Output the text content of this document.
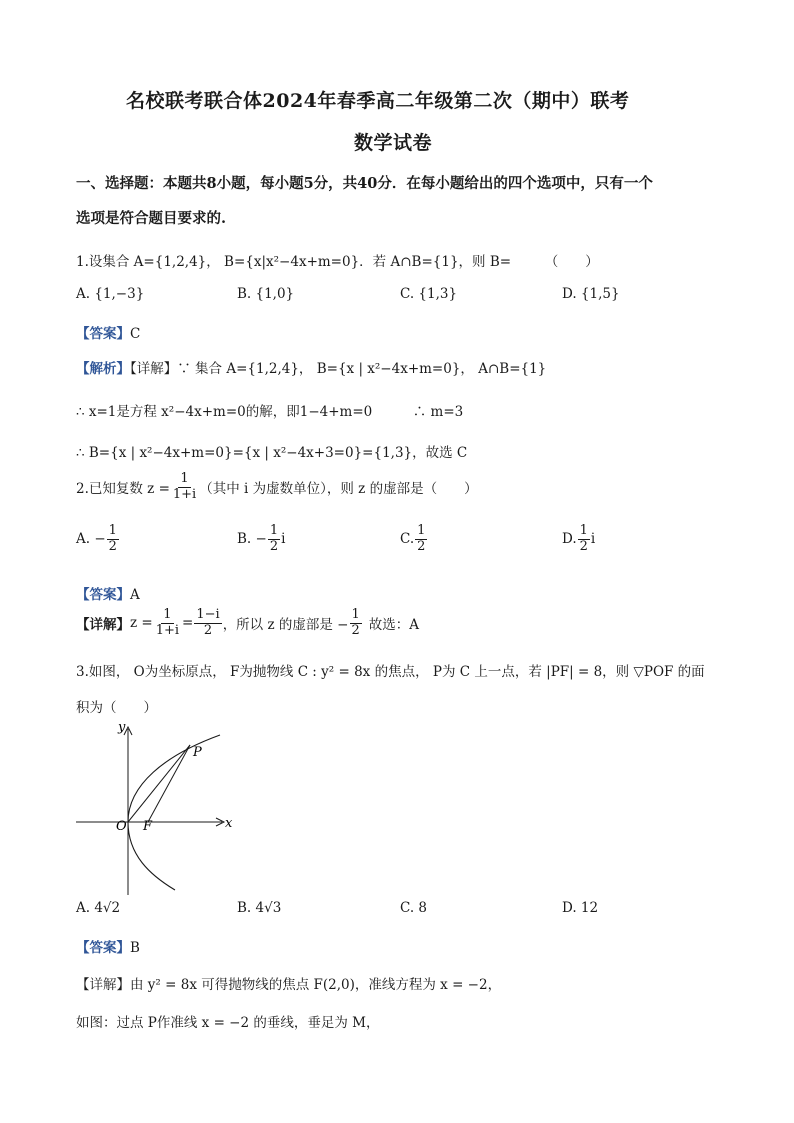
名校联考联合体2024年春季高二年级第二次（期中）联考
数学试卷
一、选择题：本题共8小题，每小题5分，共40分．在每小题给出的四个选项中，只有一个
选项是符合题目要求的.
1.设集合 A={1,2,4}， B={x|x²−4x+m=0}．若 A∩B={1}，则 B=　　　（　　）
A. {1,−3}	B. {1,0}	C. {1,3}	D. {1,5}
【答案】C
【解析】【详解】∵ 集合 A={1,2,4}， B={x | x²−4x+m=0}， A∩B={1}
∴ x=1是方程 x²−4x+m=0的解，即1−4+m=0　　　∴ m=3
∴ B={x | x²−4x+m=0}={x | x²−4x+3=0}={1,3}，故选 C
2.已知复数 $z = \frac{1}{1+i}$ （其中 i 为虚数单位），则 z 的虚部是（　　）
A. − $\frac{1}{2}$	B. − $\frac{1}{2}$ i	C. $\frac{1}{2}$	D. $\frac{1}{2}$ i
【答案】A
【详解】 $z = \frac{1}{1+i} = \frac{1-i}{2}$ ，所以 z 的虚部是 − $\frac{1}{2}$ 故选：A
3.如图， O为坐标原点， F为抛物线 C : y² = 8x 的焦点， P为 C 上一点，若 |PF| = 8，则 ▽POF 的面
积为（　　）
y
x
O F
P
A. 4√2	B. 4√3	C. 8	D. 12
【答案】B
【详解】由 y² = 8x 可得抛物线的焦点 F(2,0)，准线方程为 x = −2，
如图：过点 P作准线 x = −2 的垂线，垂足为 M，
